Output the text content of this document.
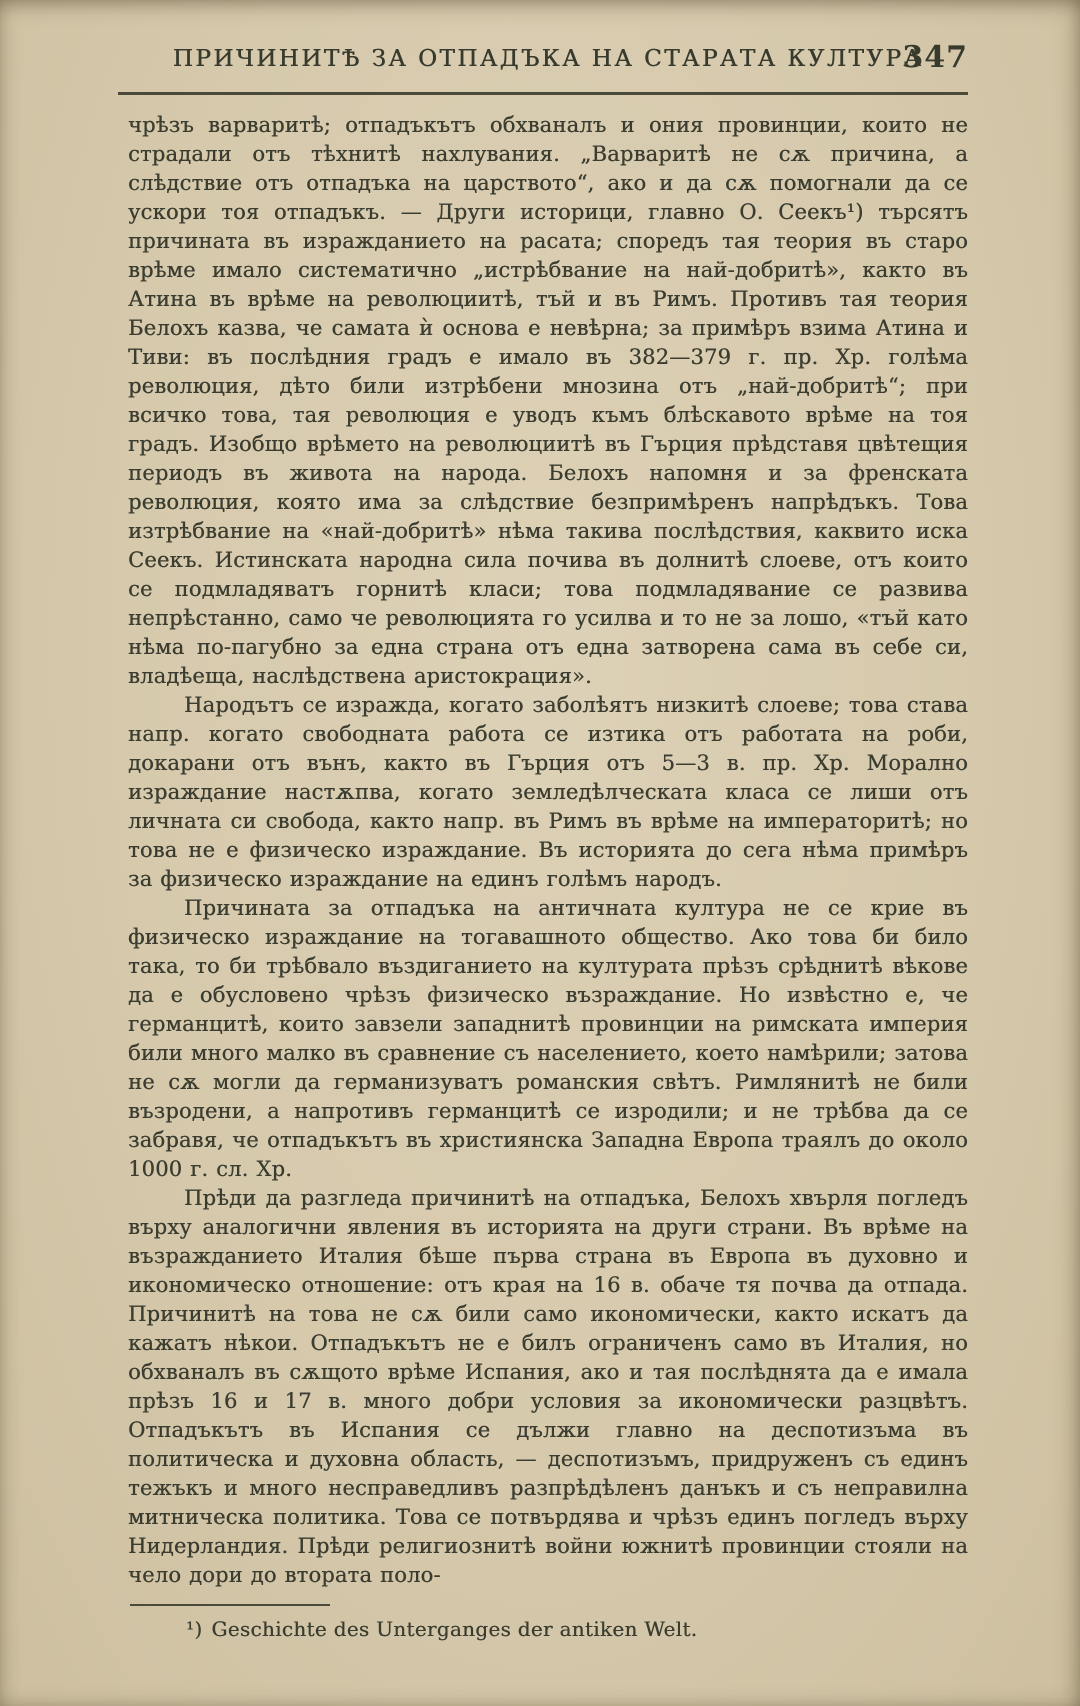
ПРИЧИНИТѢ ЗА ОТПАДЪКА НА СТАРАТА КУЛТУРА
347

чрѣзъ варваритѣ; отпадъкътъ обхваналъ и ония провинции, които не страдали отъ тѣхнитѣ нахлувания. „Варваритѣ не сѫ причина, а слѣдствие отъ отпадъка на царството“, ако и да сѫ помогнали да се ускори тоя отпадъкъ. — Други историци, главно О. Сеекъ¹) търсятъ причината въ изражданието на расата; споредъ тая теория въ старо врѣме имало систематично „истрѣбвание на най-добритѣ», както въ Атина въ врѣме на революциитѣ, тъй и въ Римъ. Противъ тая теория Белохъ казва, че самата ѝ основа е невѣрна; за примѣръ взима Атина и Тиви: въ послѣдния градъ е имало въ 382—379 г. пр. Хр. голѣма революция, дѣто били изтрѣбени мнозина отъ „най-добритѣ“; при всичко това, тая революция е уводъ къмъ блѣскавото врѣме на тоя градъ. Изобщо врѣмето на революциитѣ въ Гърция прѣдставя цвѣтещия периодъ въ живота на народа. Белохъ напомня и за френската революция, която има за слѣдствие безпримѣренъ напрѣдъкъ. Това изтрѣбвание на «най-добритѣ» нѣма такива послѣдствия, каквито иска Сеекъ. Истинската народна сила почива въ долнитѣ слоеве, отъ които се подмладяватъ горнитѣ класи; това подмладявание се развива непрѣстанно, само че революцията го усилва и то не за лошо, «тъй като нѣма по-пагубно за една страна отъ една затворена сама въ себе си, владѣеща, наслѣдствена аристокрация».

Народътъ се изражда, когато заболѣятъ низкитѣ слоеве; това става напр. когато свободната работа се изтика отъ работата на роби, докарани отъ вънъ, както въ Гърция отъ 5—3 в. пр. Хр. Морално израждание настѫпва, когато земледѣлческата класа се лиши отъ личната си свобода, както напр. въ Римъ въ врѣме на императоритѣ; но това не е физическо израждание. Въ историята до сега нѣма примѣръ за физическо израждание на единъ голѣмъ народъ.

Причината за отпадъка на античната култура не се крие въ физическо израждание на тогавашното общество. Ако това би било така, то би трѣбвало въздиганието на културата прѣзъ срѣднитѣ вѣкове да е обусловено чрѣзъ физическо възраждание. Но извѣстно е, че германцитѣ, които завзели западнитѣ провинции на римската империя били много малко въ сравнение съ населението, което намѣрили; затова не сѫ могли да германизуватъ романския свѣтъ. Римлянитѣ не били възродени, а напротивъ германцитѣ се изродили; и не трѣбва да се забравя, че отпадъкътъ въ християнска Западна Европа траялъ до около 1000 г. сл. Хр.

Прѣди да разгледа причинитѣ на отпадъка, Белохъ хвърля погледъ върху аналогични явления въ историята на други страни. Въ врѣме на възражданието Италия бѣше първа страна въ Европа въ духовно и икономическо отношение: отъ края на 16 в. обаче тя почва да отпада. Причинитѣ на това не сѫ били само икономически, както искатъ да кажатъ нѣкои. Отпадъкътъ не е билъ ограниченъ само въ Италия, но обхваналъ въ сѫщото врѣме Испания, ако и тая послѣднята да е имала прѣзъ 16 и 17 в. много добри условия за икономически разцвѣтъ. Отпадъкътъ въ Испания се дължи главно на деспотизъма въ политическа и духовна область, — деспотизъмъ, придруженъ съ единъ тежъкъ и много несправедливъ разпрѣдѣленъ данъкъ и съ неправилна митническа политика. Това се потвърдява и чрѣзъ единъ погледъ върху Нидерландия. Прѣди религиознитѣ войни южнитѣ провинции стояли на чело дори до втората поло-

¹) Geschichte des Unterganges der antiken Welt.
